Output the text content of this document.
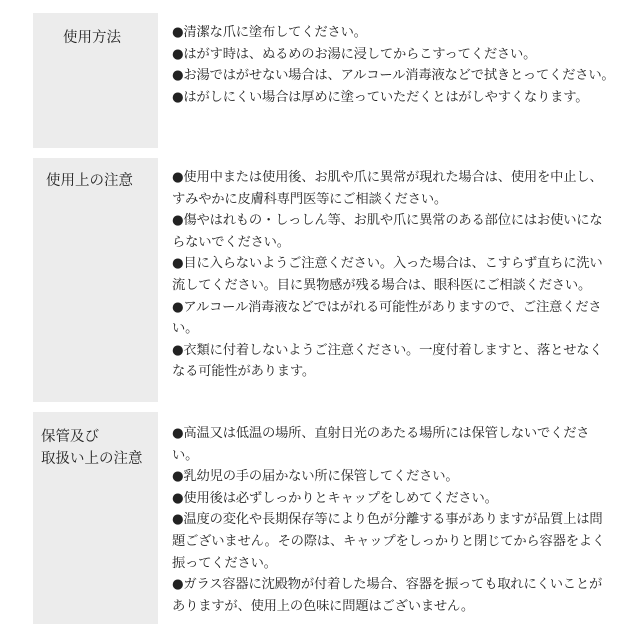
使用方法	●清潔な爪に塗布してください。

●はがす時は、ぬるめのお湯に浸してからこすってください。

●お湯ではがせない場合は、アルコール消毒液などで拭きとってください。

●はがしにくい場合は厚めに塗っていただくとはがしやすくなります。

使用上の注意	●使用中または使用後、お肌や爪に異常が現れた場合は、使用を中止し、すみやかに皮膚科専門医等にご相談ください。

●傷やはれもの・しっしん等、お肌や爪に異常のある部位にはお使いにならないでください。

●目に入らないようご注意ください。入った場合は、こすらず直ちに洗い流してください。目に異物感が残る場合は、眼科医にご相談ください。

●アルコール消毒液などではがれる可能性がありますので、ご注意ください。

●衣類に付着しないようご注意ください。一度付着しますと、落とせなくなる可能性があります。

保管及び
取扱い上の注意

●高温又は低温の場所、直射日光のあたる場所には保管しないでください。

●乳幼児の手の届かない所に保管してください。

●使用後は必ずしっかりとキャップをしめてください。

●温度の変化や長期保存等により色が分離する事がありますが品質上は問題ございません。その際は、キャップをしっかりと閉じてから容器をよく振ってください。

●ガラス容器に沈殿物が付着した場合、容器を振っても取れにくいことがありますが、使用上の色味に問題はございません。
